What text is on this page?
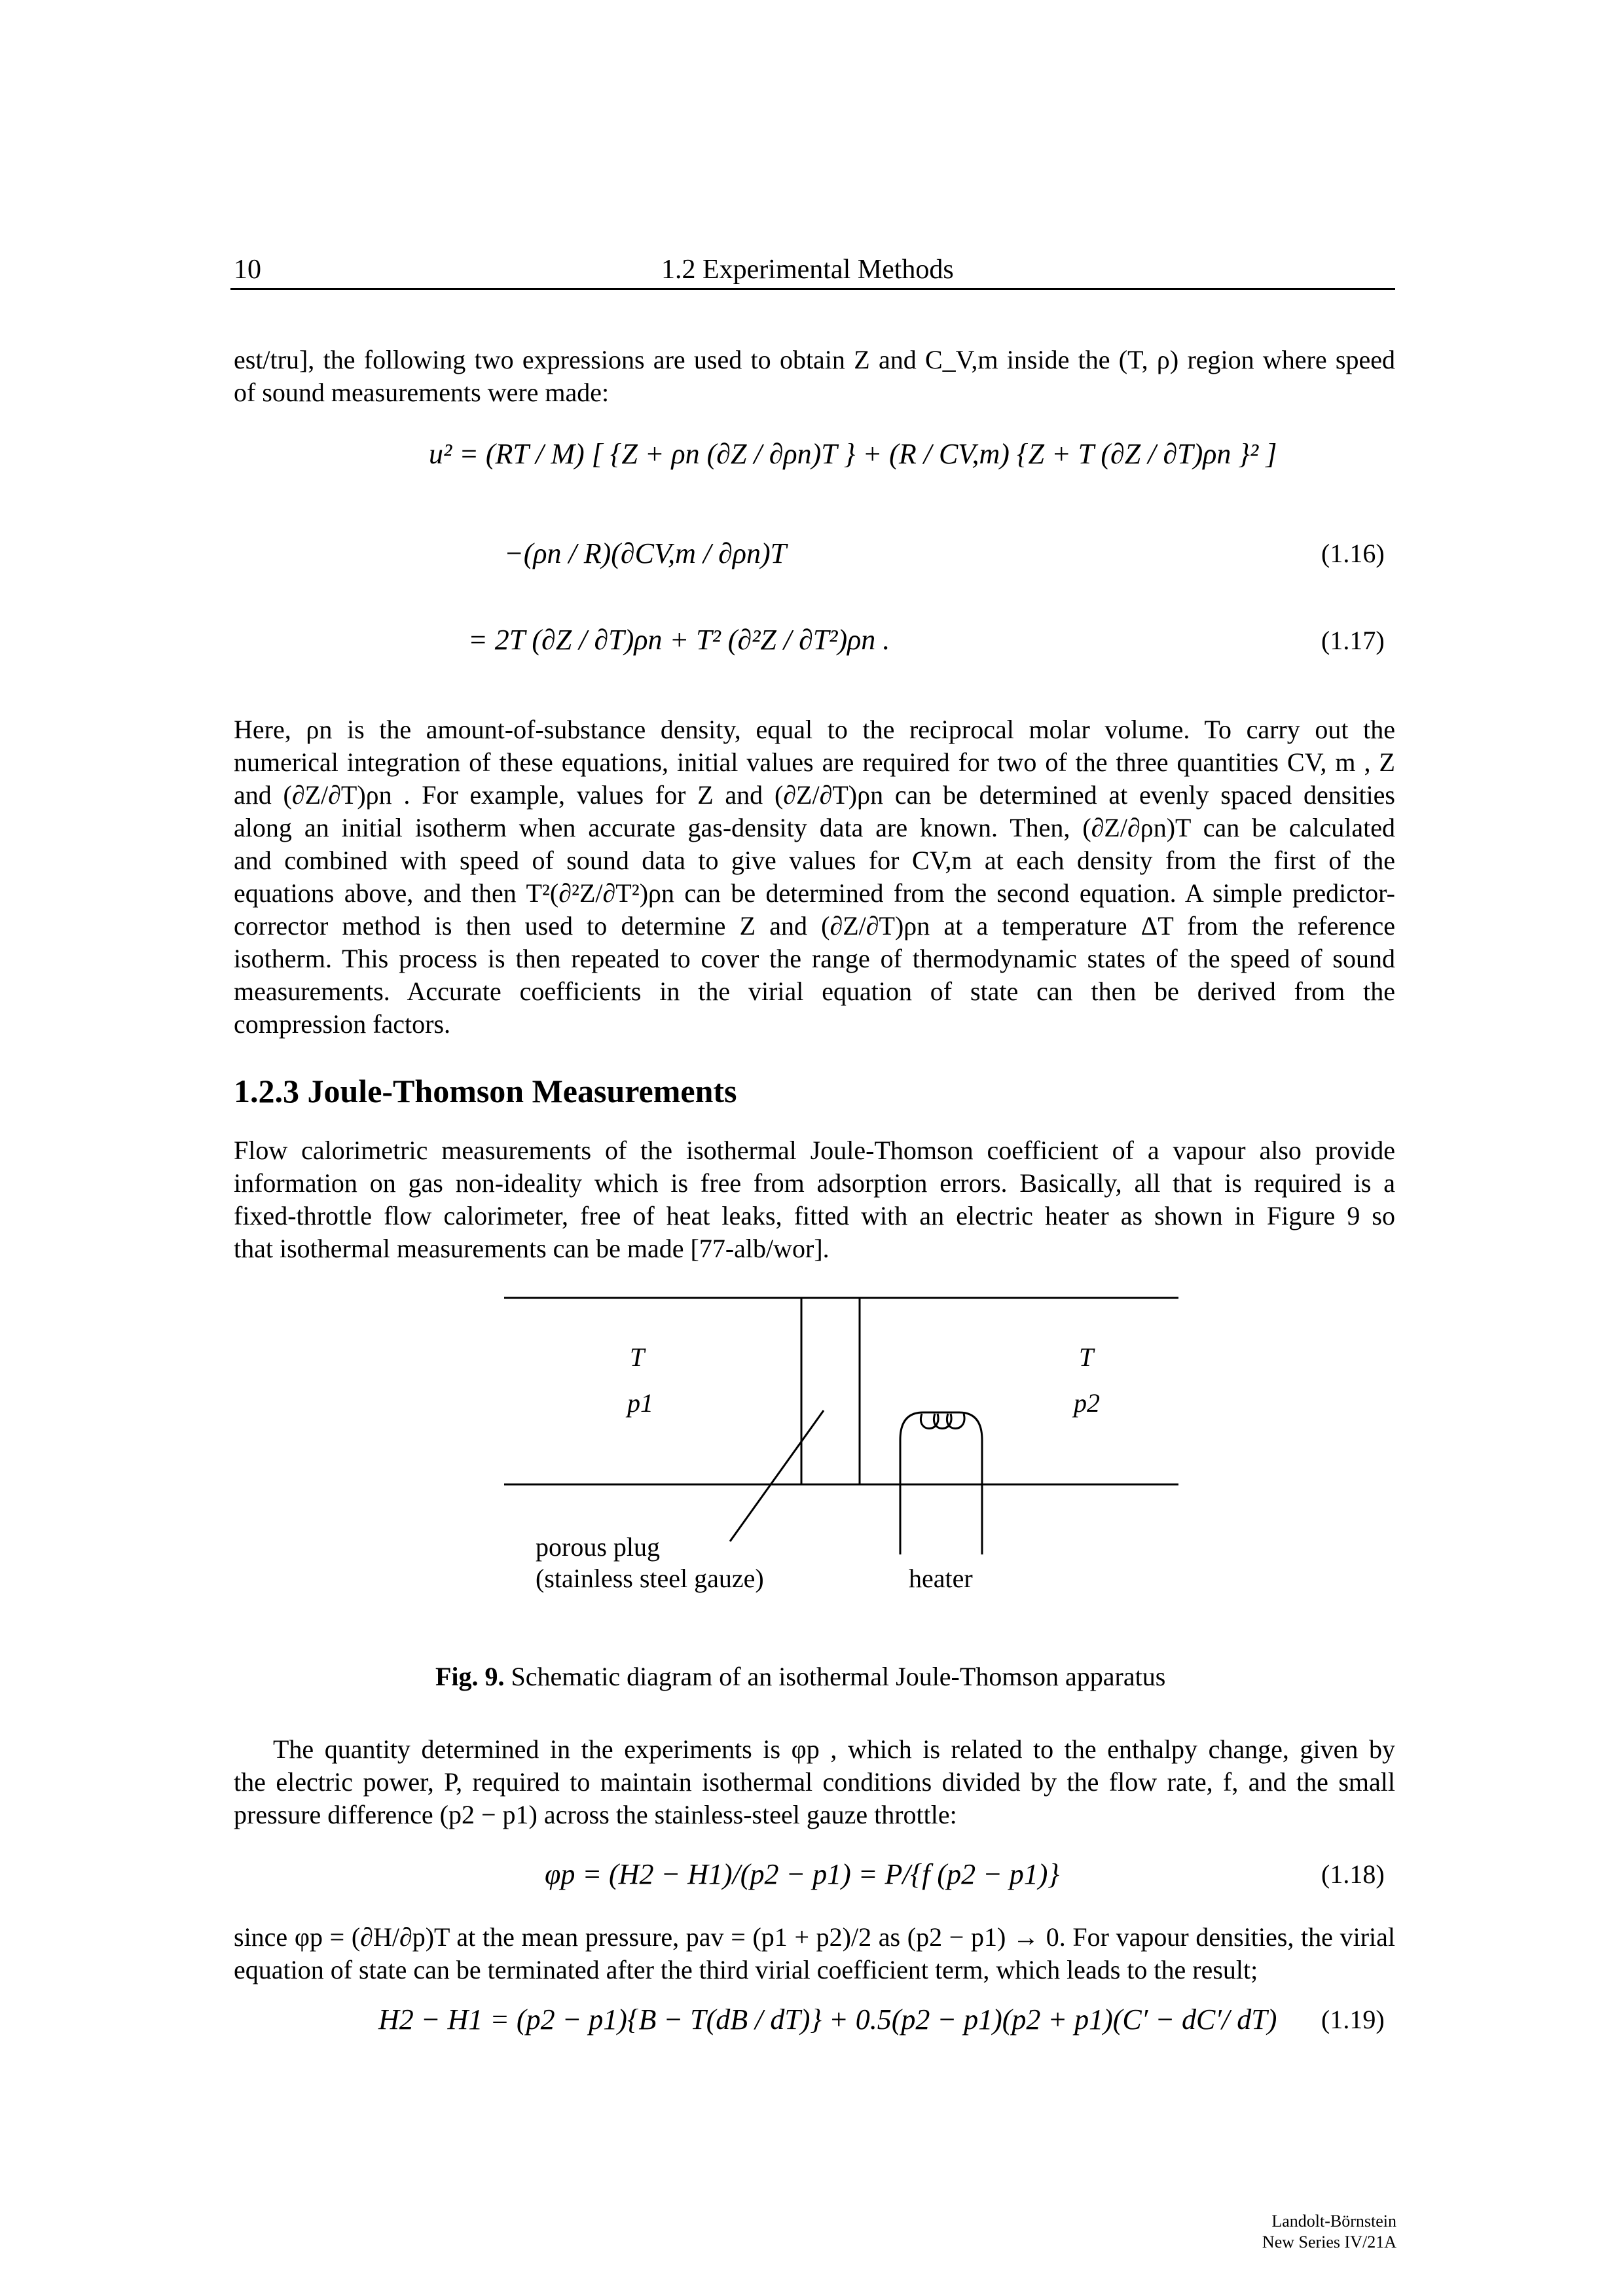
10	1.2 Experimental Methods
est/tru], the following two expressions are used to obtain Z and C_V,m inside the (T, ρ) region where speed
of sound measurements were made:
u² = (RT / M) [ {Z + ρn (∂Z / ∂ρn)T } + (R / CV,m) {Z + T (∂Z / ∂T)ρn }² ]
−(ρn / R)(∂CV,m / ∂ρn)T	(1.16)
= 2T (∂Z / ∂T)ρn + T² (∂²Z / ∂T²)ρn .	(1.17)
Here, ρn is the amount-of-substance density, equal to the reciprocal molar volume. To carry out the
numerical integration of these equations, initial values are required for two of the three quantities CV, m , Z
and (∂Z/∂T)ρn . For example, values for Z and (∂Z/∂T)ρn can be determined at evenly spaced densities
along an initial isotherm when accurate gas-density data are known. Then, (∂Z/∂ρn)T can be calculated
and combined with speed of sound data to give values for CV,m at each density from the first of the
equations above, and then T²(∂²Z/∂T²)ρn can be determined from the second equation. A simple predictor-
corrector method is then used to determine Z and (∂Z/∂T)ρn at a temperature ΔT from the reference
isotherm. This process is then repeated to cover the range of thermodynamic states of the speed of sound
measurements. Accurate coefficients in the virial equation of state can then be derived from the
compression factors.
1.2.3 Joule-Thomson Measurements
Flow calorimetric measurements of the isothermal Joule-Thomson coefficient of a vapour also provide
information on gas non-ideality which is free from adsorption errors. Basically, all that is required is a
fixed-throttle flow calorimeter, free of heat leaks, fitted with an electric heater as shown in Figure 9 so
that isothermal measurements can be made [77-alb/wor].
T
p1
T
p2
porous plug
(stainless steel gauze)	heater
Fig. 9. Schematic diagram of an isothermal Joule-Thomson apparatus
The quantity determined in the experiments is φp , which is related to the enthalpy change, given by
the electric power, P, required to maintain isothermal conditions divided by the flow rate, f, and the small
pressure difference (p2 − p1) across the stainless-steel gauze throttle:
φp = (H2 − H1)/(p2 − p1) = P/{f (p2 − p1)}	(1.18)
since φp = (∂H/∂p)T at the mean pressure, pav = (p1 + p2)/2 as (p2 − p1) → 0. For vapour densities, the virial
equation of state can be terminated after the third virial coefficient term, which leads to the result;
H2 − H1 = (p2 − p1){B − T(dB / dT)} + 0.5(p2 − p1)(p2 + p1)(C′ − dC′/ dT) (1.19)
Landolt-Börnstein
New Series IV/21A
